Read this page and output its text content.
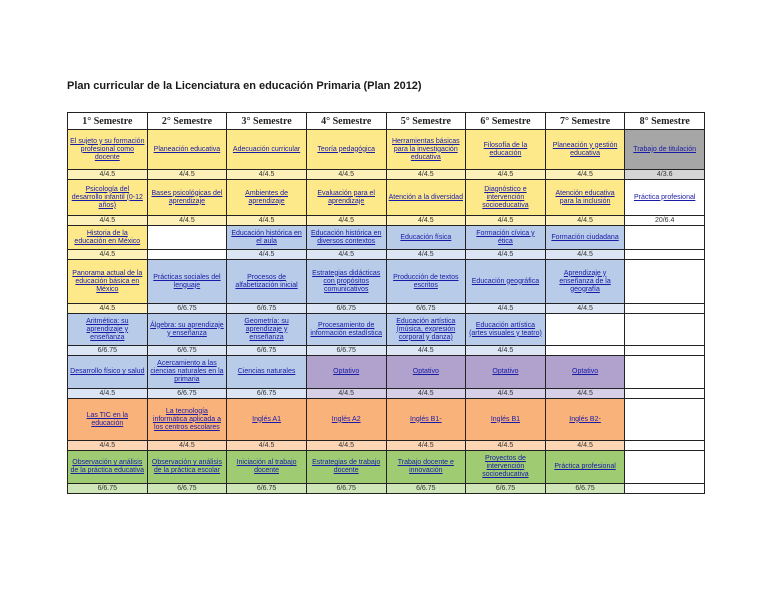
Plan curricular de la Licenciatura en educación Primaria (Plan 2012)
1° Semestre	2° Semestre	3° Semestre	4° Semestre	5° Semestre	6° Semestre	7° Semestre	8° Semestre
El sujeto y su formación profesional como docente	Planeación educativa	Adecuación curricular	Teoría pedagógica	Herramientas básicas para la investigación educativa	Filosofía de la educación	Planeación y gestión educativa	Trabajo de titulación
4/4.5	4/4.5	4/4.5	4/4.5	4/4.5	4/4.5	4/4.5	4/3.6
Psicología del desarrollo infantil (0-12 años)	Bases psicológicas del aprendizaje	Ambientes de aprendizaje	Evaluación para el aprendizaje	Atención a la diversidad	Diagnóstico e intervención socioeducativa	Atención educativa para la inclusión	Práctica profesional
4/4.5	4/4.5	4/4.5	4/4.5	4/4.5	4/4.5	4/4.5	20/6.4
Historia de la educación en México		Educación histórica en el aula	Educación histórica en diversos contextos	Educación física	Formación cívica y ética	Formación ciudadana	
4/4.5		4/4.5	4/4.5	4/4.5	4/4.5	4/4.5	
Panorama actual de la educación básica en México	Prácticas sociales del lenguaje	Procesos de alfabetización inicial	Estrategias didácticas con propósitos comunicativos	Producción de textos escritos	Educación geográfica	Aprendizaje y enseñanza de la geografía	
4/4.5	6/6.75	6/6.75	6/6.75	6/6.75	4/4.5	4/4.5	
Aritmética: su aprendizaje y enseñanza	Álgebra: su aprendizaje y enseñanza	Geometría: su aprendizaje y enseñanza	Procesamiento de información estadística	Educación artística (música, expresión corporal y danza)	Educación artística (artes visuales y teatro)		
6/6.75	6/6.75	6/6.75	6/6.75	4/4.5	4/4.5		
Desarrollo físico y salud	Acercamiento a las ciencias naturales en la primaria	Ciencias naturales	Optativo	Optativo	Optativo	Optativo	
4/4.5	6/6.75	6/6.75	4/4.5	4/4.5	4/4.5	4/4.5	
Las TIC en la educación	La tecnología informática aplicada a los centros escolares	Inglés A1	Inglés A2	Inglés B1-	Inglés B1	Inglés B2-	
4/4.5	4/4.5	4/4.5	4/4.5	4/4.5	4/4.5	4/4.5	
Observación y análisis de la práctica educativa	Observación y análisis de la práctica escolar	Iniciación al trabajo docente	Estrategias de trabajo docente	Trabajo docente e innovación	Proyectos de intervención socioeducativa	Práctica profesional	
6/6.75	6/6.75	6/6.75	6/6.75	6/6.75	6/6.75	6/6.75	
